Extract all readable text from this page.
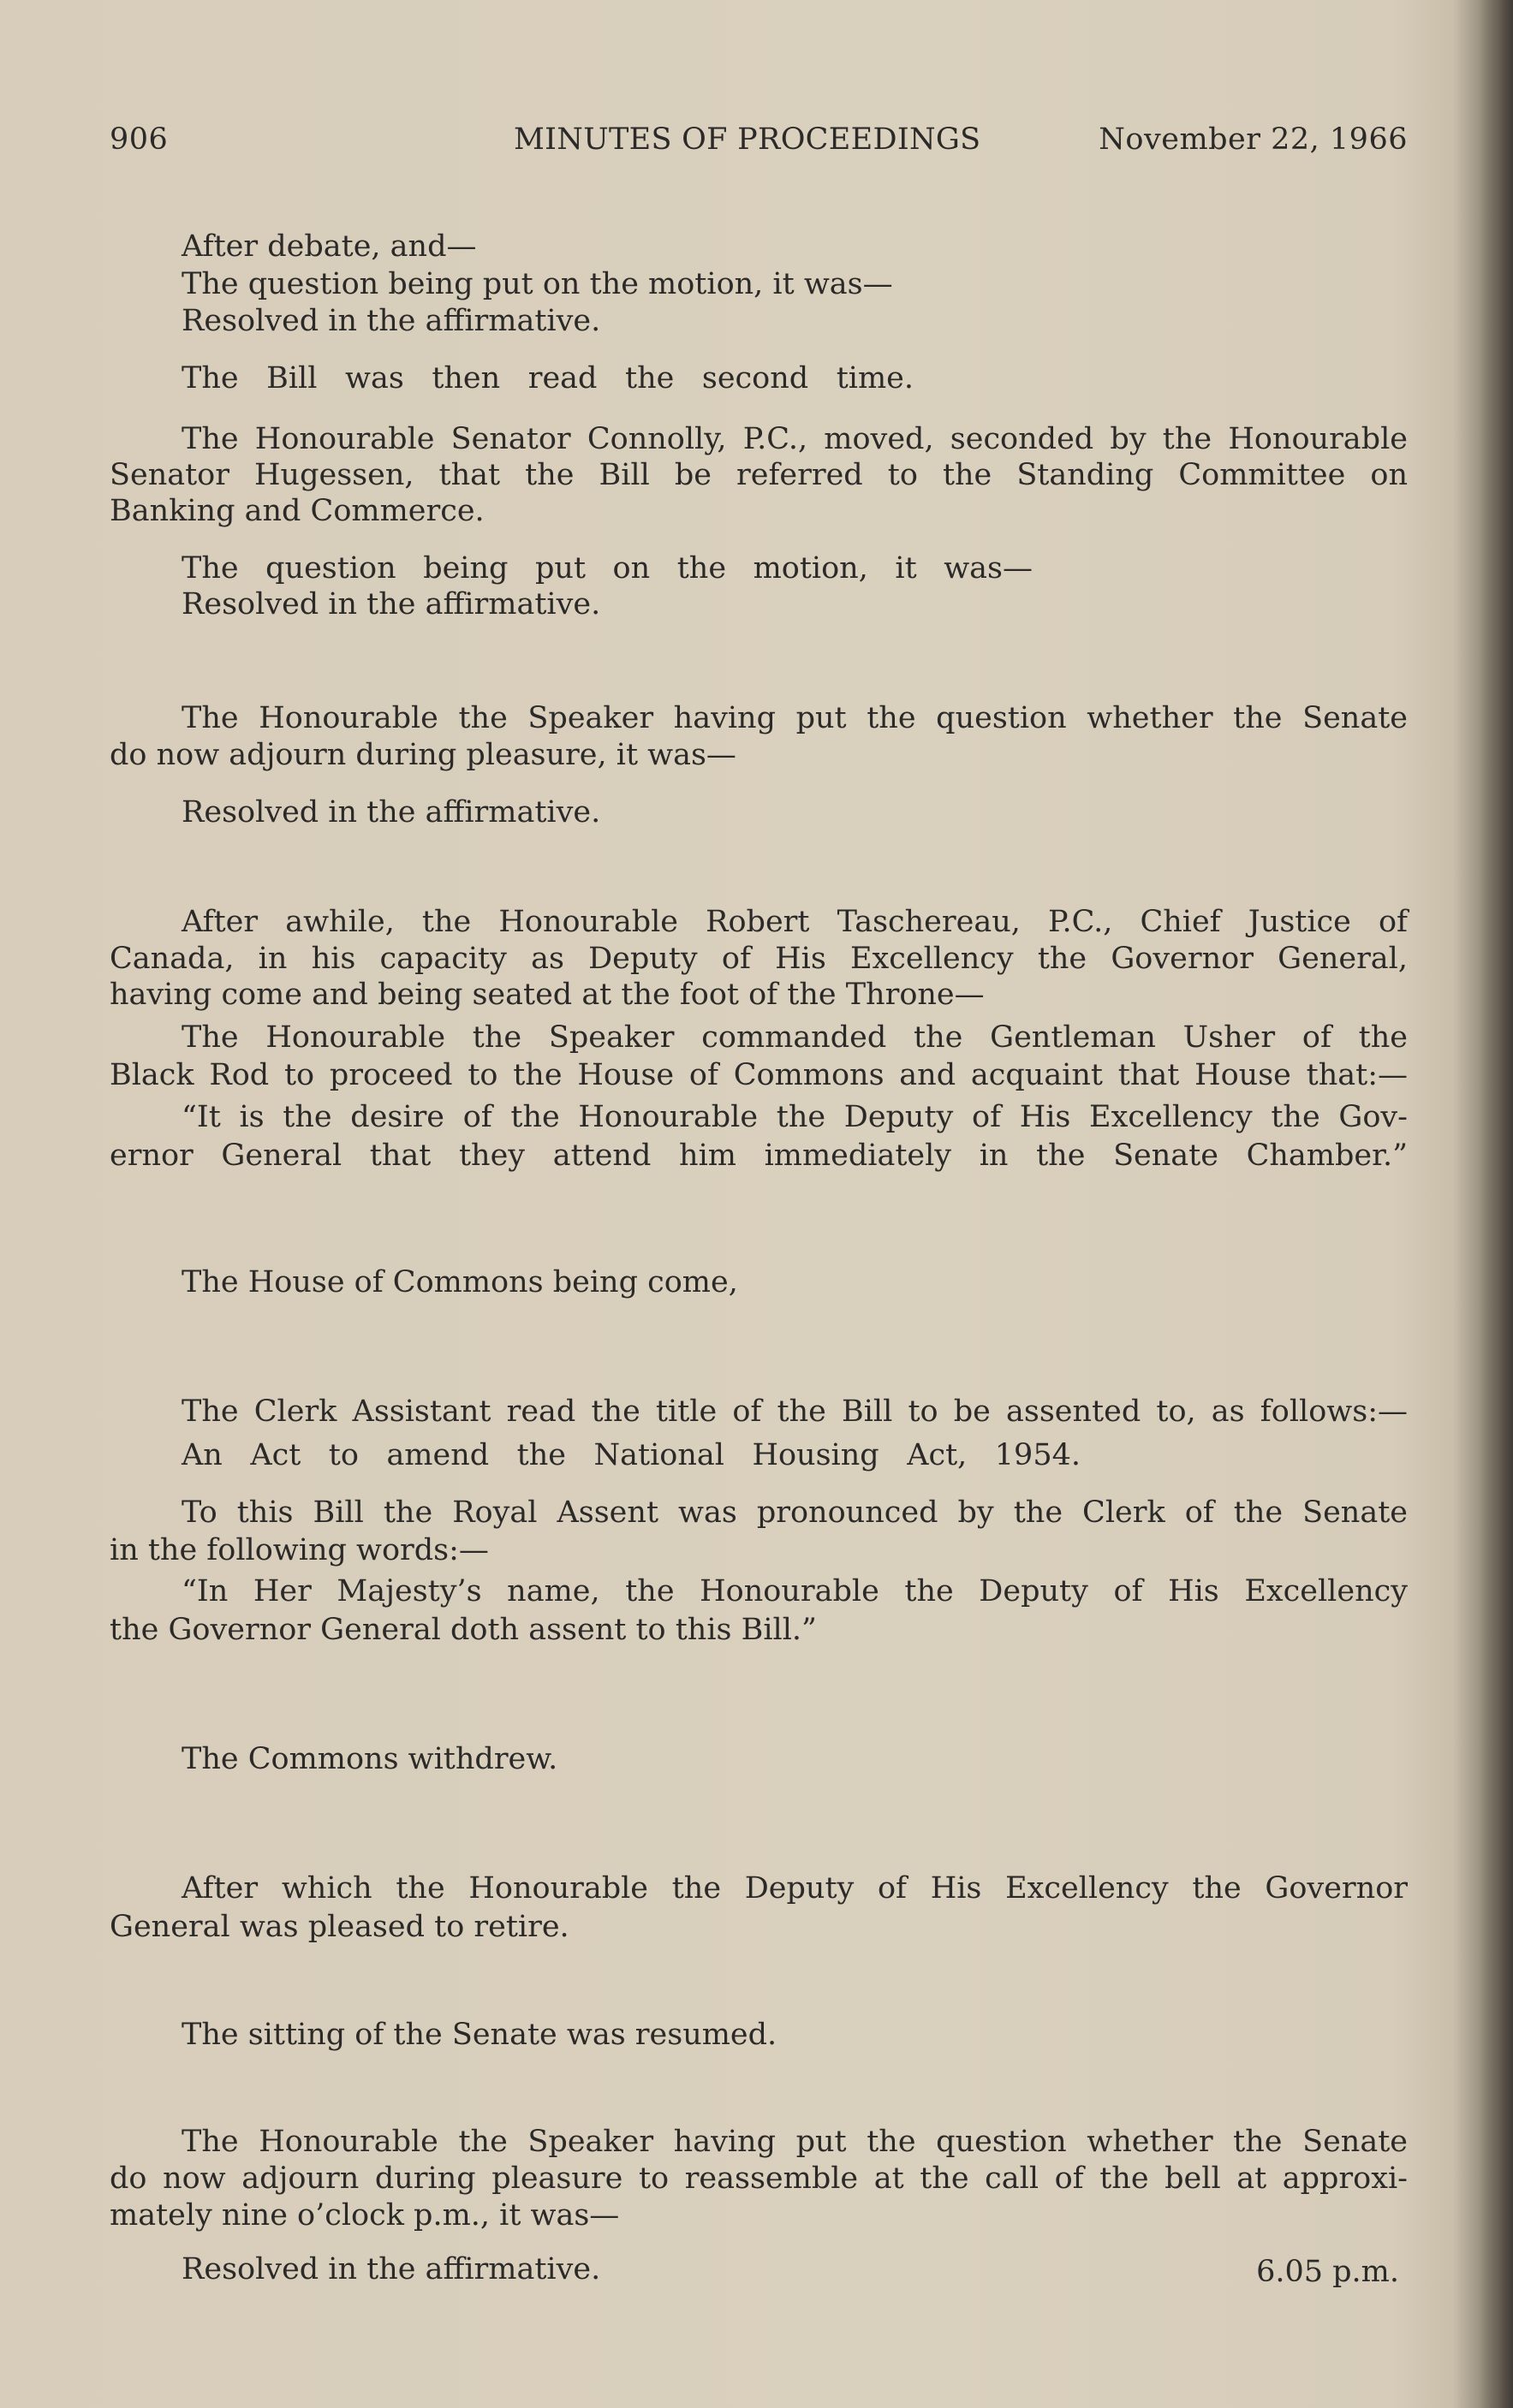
906	MINUTES OF PROCEEDINGS	November 22, 1966
After debate, and—
The question being put on the motion, it was—
Resolved in the affirmative.
The Bill was then read the second time.
The Honourable Senator Connolly, P.C., moved, seconded by the Honourable
Senator Hugessen, that the Bill be referred to the Standing Committee on
Banking and Commerce.
The question being put on the motion, it was—
Resolved in the affirmative.
The Honourable the Speaker having put the question whether the Senate
do now adjourn during pleasure, it was—
Resolved in the affirmative.
After awhile, the Honourable Robert Taschereau, P.C., Chief Justice of
Canada, in his capacity as Deputy of His Excellency the Governor General,
having come and being seated at the foot of the Throne—
The Honourable the Speaker commanded the Gentleman Usher of the
Black Rod to proceed to the House of Commons and acquaint that House that:—
“It is the desire of the Honourable the Deputy of His Excellency the Gov-
ernor General that they attend him immediately in the Senate Chamber.”
The House of Commons being come,
The Clerk Assistant read the title of the Bill to be assented to, as follows:—
An Act to amend the National Housing Act, 1954.
To this Bill the Royal Assent was pronounced by the Clerk of the Senate
in the following words:—
“In Her Majesty’s name, the Honourable the Deputy of His Excellency
the Governor General doth assent to this Bill.”
The Commons withdrew.
After which the Honourable the Deputy of His Excellency the Governor
General was pleased to retire.
The sitting of the Senate was resumed.
The Honourable the Speaker having put the question whether the Senate
do now adjourn during pleasure to reassemble at the call of the bell at approxi-
mately nine o’clock p.m., it was—
Resolved in the affirmative.	6.05 p.m.
